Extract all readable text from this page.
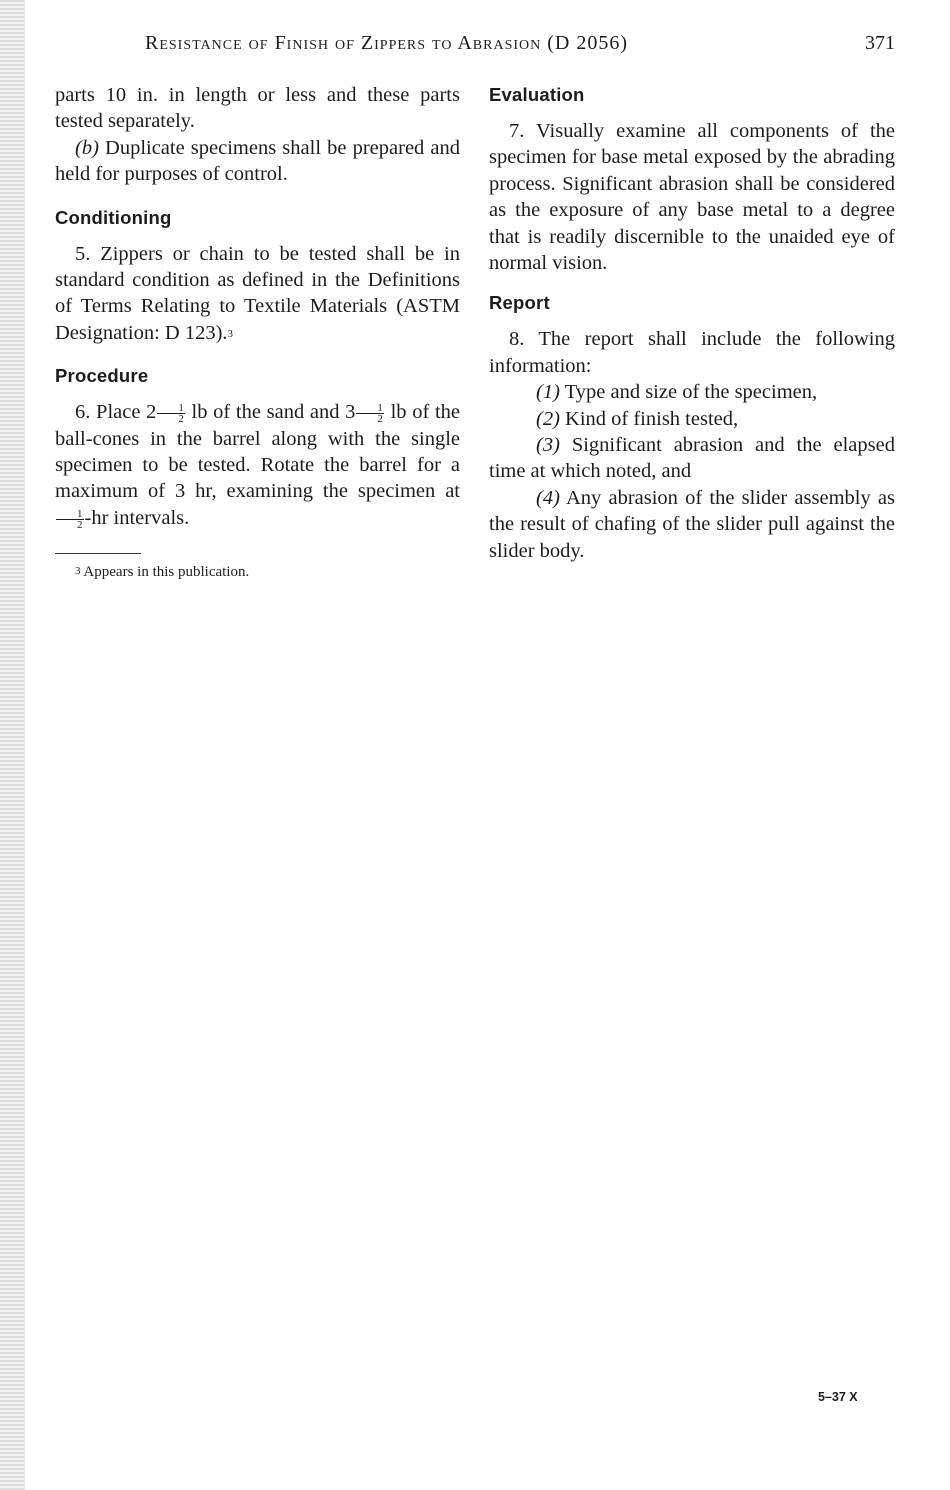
Resistance of Finish of Zippers to Abrasion (D 2056)	371

parts 10 in. in length or less and these parts tested separately.

(b) Duplicate specimens shall be prepared and held for purposes of control.

Conditioning

5. Zippers or chain to be tested shall be in standard condition as defined in the Definitions of Terms Relating to Textile Materials (ASTM Designation: D 123).$^3$

Procedure

6. Place $2 \frac{1}{2}$ lb of the sand and $3 \frac{1}{2}$ lb of the ball-cones in the barrel along with the single specimen to be tested. Rotate the barrel for a maximum of 3 hr, examining the specimen at
$\frac{1}{2} -hr$ intervals.

$^3$ Appears in this publication.

Evaluation

7. Visually examine all components of the specimen for base metal exposed by the abrading process. Significant abrasion shall be considered as the exposure of any base metal to a degree that is readily discernible to the unaided eye of normal vision.

Report

8. The report shall include the following information:

(1) Type and size of the specimen,

(2) Kind of finish tested,

(3) Significant abrasion and the elapsed time at which noted, and

(4) Any abrasion of the slider assembly as the result of chafing of the slider pull against the slider body.

5–37 X
